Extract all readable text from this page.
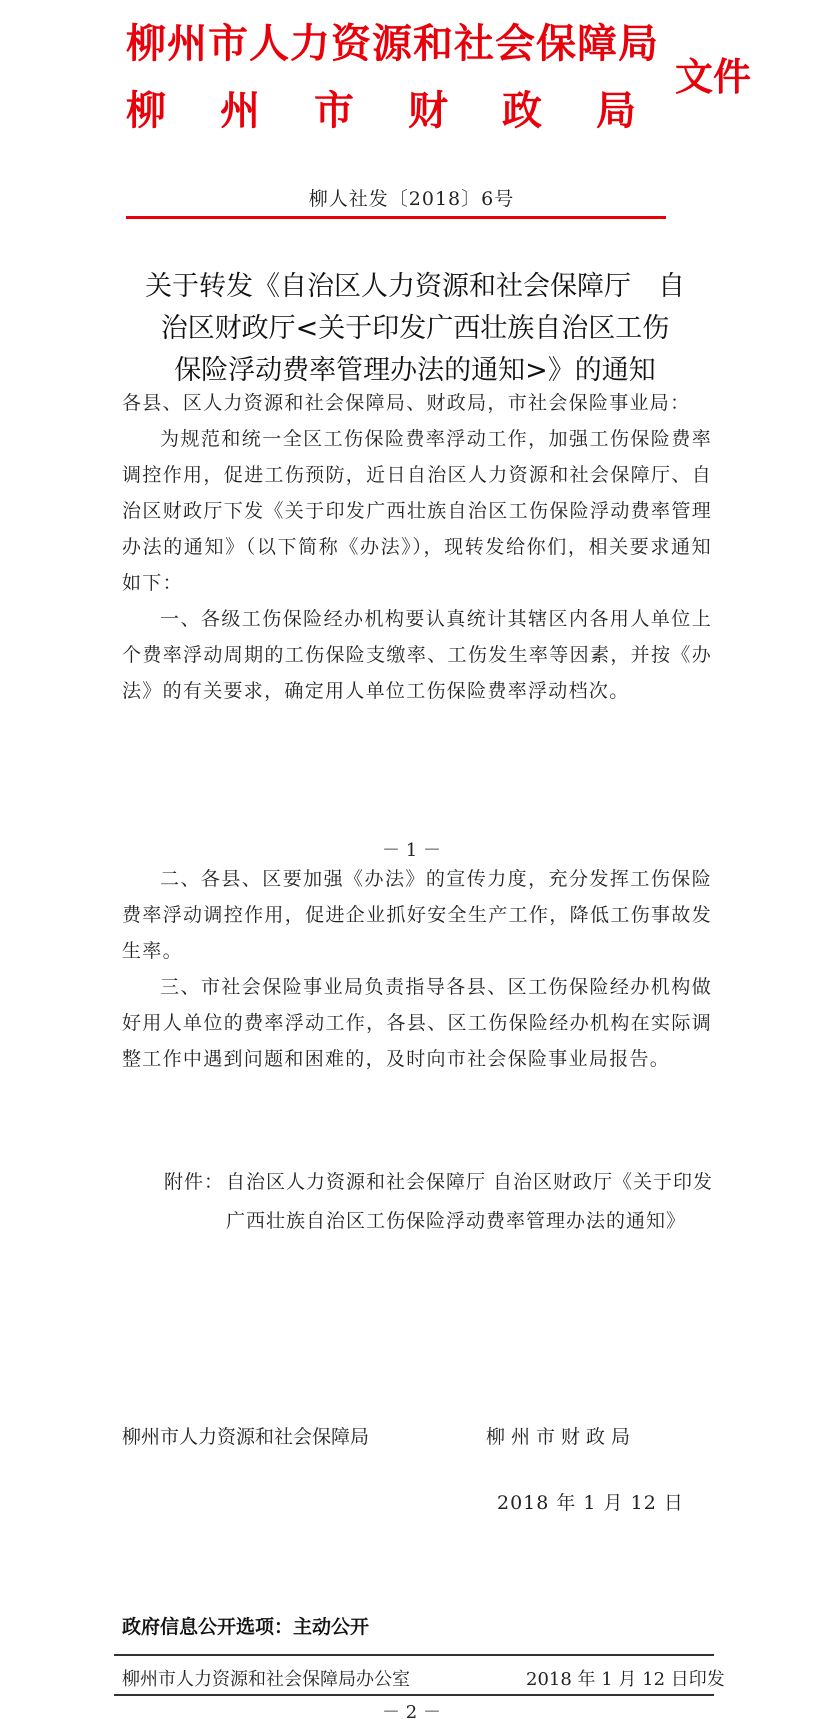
柳州市人力资源和社会保障局
柳 州 市 财 政 局
文件
柳人社发〔2018〕6号
关于转发《自治区人力资源和社会保障厅　自
治区财政厅<关于印发广西壮族自治区工伤
保险浮动费率管理办法的通知>》的通知

各县、区人力资源和社会保障局、财政局，市社会保险事业局：

为规范和统一全区工伤保险费率浮动工作，加强工伤保险费率调控作用，促进工伤预防，近日自治区人力资源和社会保障厅、自治区财政厅下发《关于印发广西壮族自治区工伤保险浮动费率管理办法的通知》（以下简称《办法》），现转发给你们，相关要求通知如下：

一、各级工伤保险经办机构要认真统计其辖区内各用人单位上个费率浮动周期的工伤保险支缴率、工伤发生率等因素，并按《办法》的有关要求，确定用人单位工伤保险费率浮动档次。

－ 1 －

二、各县、区要加强《办法》的宣传力度，充分发挥工伤保险费率浮动调控作用，促进企业抓好安全生产工作，降低工伤事故发生率。

三、市社会保险事业局负责指导各县、区工伤保险经办机构做好用人单位的费率浮动工作，各县、区工伤保险经办机构在实际调整工作中遇到问题和困难的，及时向市社会保险事业局报告。

附件： 自治区人力资源和社会保障厅 自治区财政厅《关于印发广西壮族自治区工伤保险浮动费率管理办法的通知》
柳州市人力资源和社会保障局	柳州市财政局
2018 年 1 月 12 日
政府信息公开选项：主动公开
柳州市人力资源和社会保障局办公室	2018 年 1 月 12 日印发
－ 2 －
